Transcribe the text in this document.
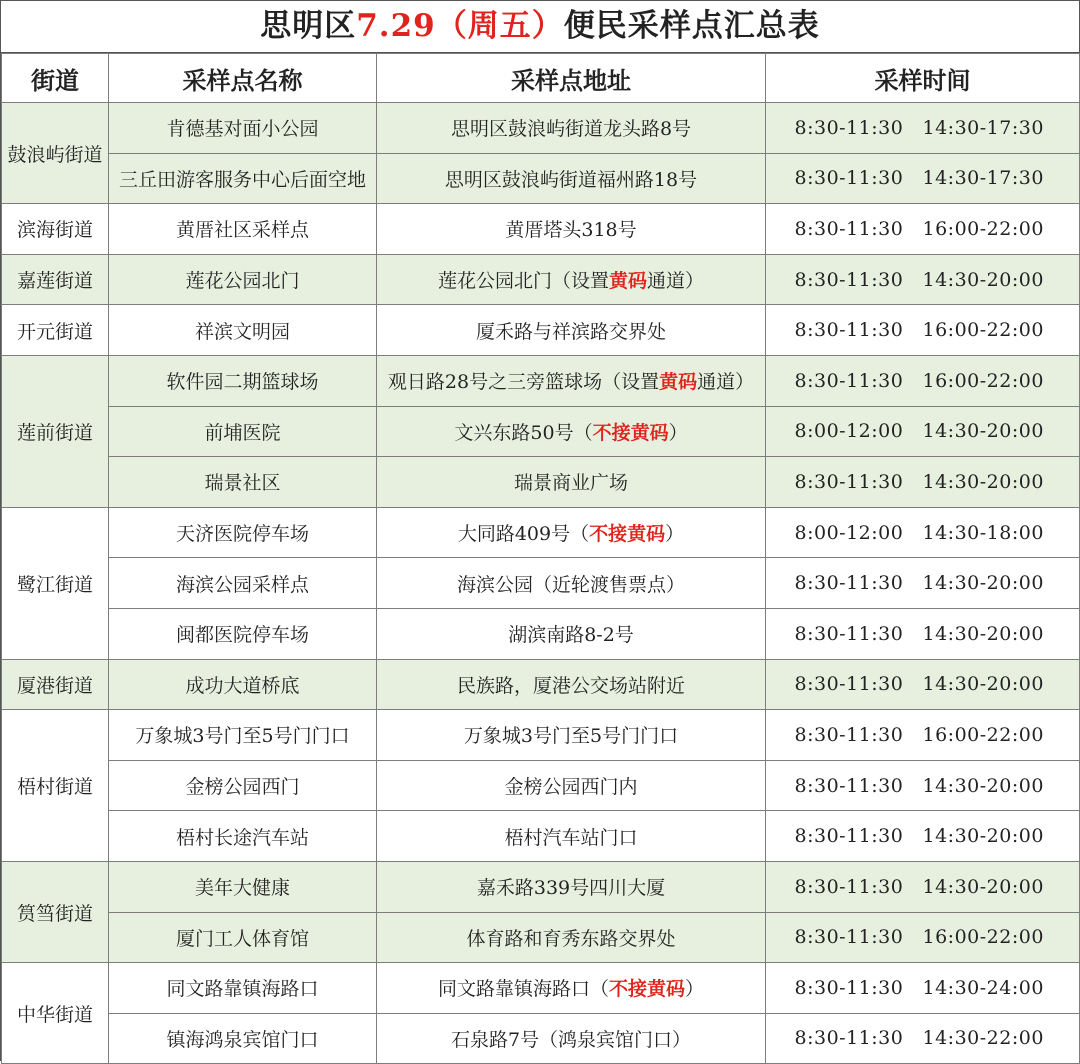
思明区7.29（周五）便民采样点汇总表
街道	采样点名称	采样点地址	采样时间
鼓浪屿街道	肯德基对面小公园	思明区鼓浪屿街道龙头路8号	8:30-11:30 14:30-17:30
	三丘田游客服务中心后面空地	思明区鼓浪屿街道福州路18号	8:30-11:30 14:30-17:30
滨海街道	黄厝社区采样点	黄厝塔头318号	8:30-11:30 16:00-22:00
嘉莲街道	莲花公园北门	莲花公园北门（设置黄码通道）	8:30-11:30 14:30-20:00
开元街道	祥滨文明园	厦禾路与祥滨路交界处	8:30-11:30 16:00-22:00
莲前街道	软件园二期篮球场	观日路28号之三旁篮球场（设置黄码通道）	8:30-11:30 16:00-22:00
	前埔医院	文兴东路50号（不接黄码）	8:00-12:00 14:30-20:00
	瑞景社区	瑞景商业广场	8:30-11:30 14:30-20:00
鹭江街道	天济医院停车场	大同路409号（不接黄码）	8:00-12:00 14:30-18:00
	海滨公园采样点	海滨公园（近轮渡售票点）	8:30-11:30 14:30-20:00
	闽都医院停车场	湖滨南路8-2号	8:30-11:30 14:30-20:00
厦港街道	成功大道桥底	民族路，厦港公交场站附近	8:30-11:30 14:30-20:00
梧村街道	万象城3号门至5号门门口	万象城3号门至5号门门口	8:30-11:30 16:00-22:00
	金榜公园西门	金榜公园西门内	8:30-11:30 14:30-20:00
	梧村长途汽车站	梧村汽车站门口	8:30-11:30 14:30-20:00
筼筜街道	美年大健康	嘉禾路339号四川大厦	8:30-11:30 14:30-20:00
	厦门工人体育馆	体育路和育秀东路交界处	8:30-11:30 16:00-22:00
中华街道	同文路靠镇海路口	同文路靠镇海路口（不接黄码）	8:30-11:30 14:30-24:00
	镇海鸿泉宾馆门口	石泉路7号（鸿泉宾馆门口）	8:30-11:30 14:30-22:00
